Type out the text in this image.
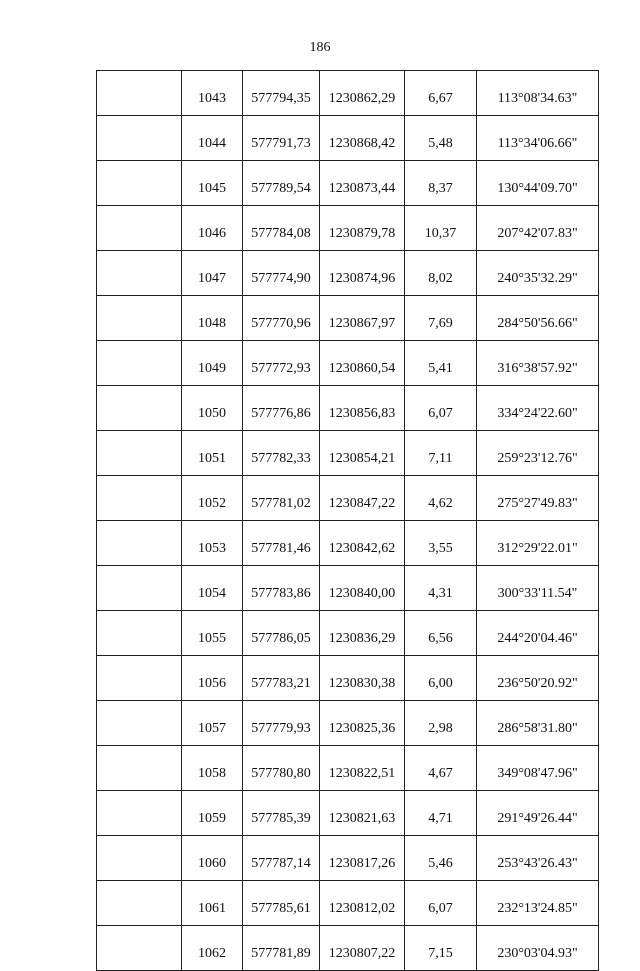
186
	1043	577794,35	1230862,29	6,67	113°08'34.63"
	1044	577791,73	1230868,42	5,48	113°34'06.66"
	1045	577789,54	1230873,44	8,37	130°44'09.70"
	1046	577784,08	1230879,78	10,37	207°42'07.83"
	1047	577774,90	1230874,96	8,02	240°35'32.29"
	1048	577770,96	1230867,97	7,69	284°50'56.66"
	1049	577772,93	1230860,54	5,41	316°38'57.92"
	1050	577776,86	1230856,83	6,07	334°24'22.60"
	1051	577782,33	1230854,21	7,11	259°23'12.76"
	1052	577781,02	1230847,22	4,62	275°27'49.83"
	1053	577781,46	1230842,62	3,55	312°29'22.01"
	1054	577783,86	1230840,00	4,31	300°33'11.54"
	1055	577786,05	1230836,29	6,56	244°20'04.46"
	1056	577783,21	1230830,38	6,00	236°50'20.92"
	1057	577779,93	1230825,36	2,98	286°58'31.80"
	1058	577780,80	1230822,51	4,67	349°08'47.96"
	1059	577785,39	1230821,63	4,71	291°49'26.44"
	1060	577787,14	1230817,26	5,46	253°43'26.43"
	1061	577785,61	1230812,02	6,07	232°13'24.85"
	1062	577781,89	1230807,22	7,15	230°03'04.93"
